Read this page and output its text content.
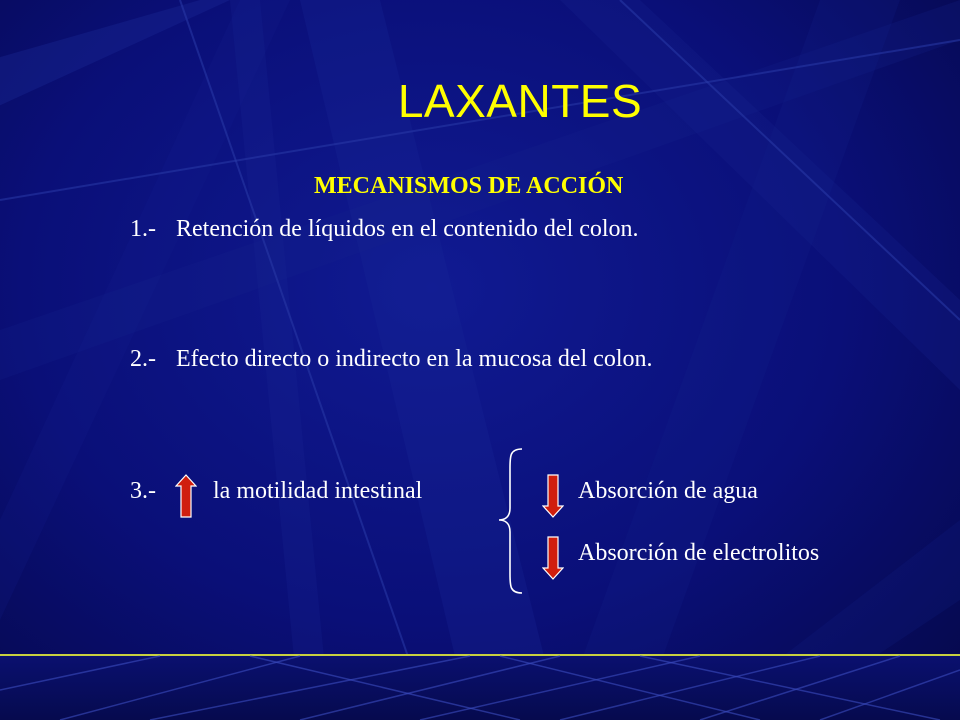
LAXANTES
MECANISMOS DE ACCIÓN
1.- Retención de líquidos en el contenido del colon.
2.- Efecto directo o indirecto en la mucosa del colon.
3.- la motilidad intestinal	Absorción de agua
Absorción de electrolitos
